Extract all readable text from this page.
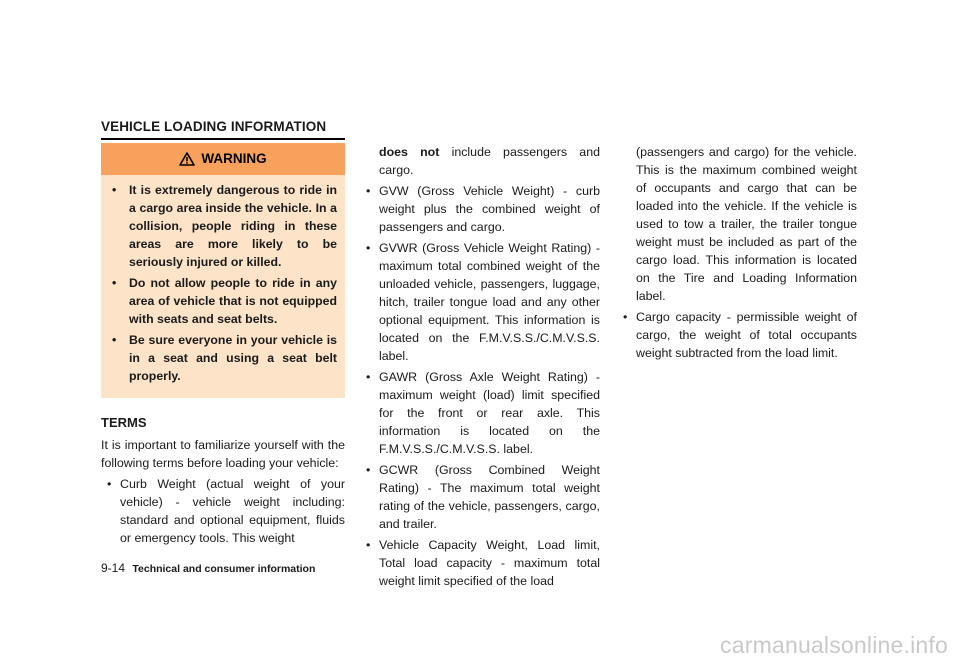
VEHICLE LOADING INFORMATION
WARNING
•	It is extremely dangerous to ride in a cargo area inside the vehicle. In a collision, people riding in these areas are more likely to be seriously injured or killed.
•	Do not allow people to ride in any area of vehicle that is not equipped with seats and seat belts.
•	Be sure everyone in your vehicle is in a seat and using a seat belt properly.
TERMS
It is important to familiarize yourself with the following terms before loading your vehicle:
• Curb Weight (actual weight of your vehicle) - vehicle weight including: standard and optional equipment, fluids or emergency tools. This weight
does not include passengers and cargo.
• GVW (Gross Vehicle Weight) - curb weight plus the combined weight of passengers and cargo.
• GVWR (Gross Vehicle Weight Rating) - maximum total combined weight of the unloaded vehicle, passengers, luggage, hitch, trailer tongue load and any other optional equipment. This information is located on the F.M.V.S.S./C.M.V.S.S. label.
• GAWR (Gross Axle Weight Rating) - maximum weight (load) limit specified for the front or rear axle. This information is located on the F.M.V.S.S./C.M.V.S.S. label.
• GCWR (Gross Combined Weight Rating) - The maximum total weight rating of the vehicle, passengers, cargo, and trailer.
• Vehicle Capacity Weight, Load limit, Total load capacity - maximum total weight limit specified of the load
(passengers and cargo) for the vehicle. This is the maximum combined weight of occupants and cargo that can be loaded into the vehicle. If the vehicle is used to tow a trailer, the trailer tongue weight must be included as part of the cargo load. This information is located on the Tire and Loading Information label.
• Cargo capacity - permissible weight of cargo, the weight of total occupants weight subtracted from the load limit.
9-14 Technical and consumer information
carmanualsonline.info
